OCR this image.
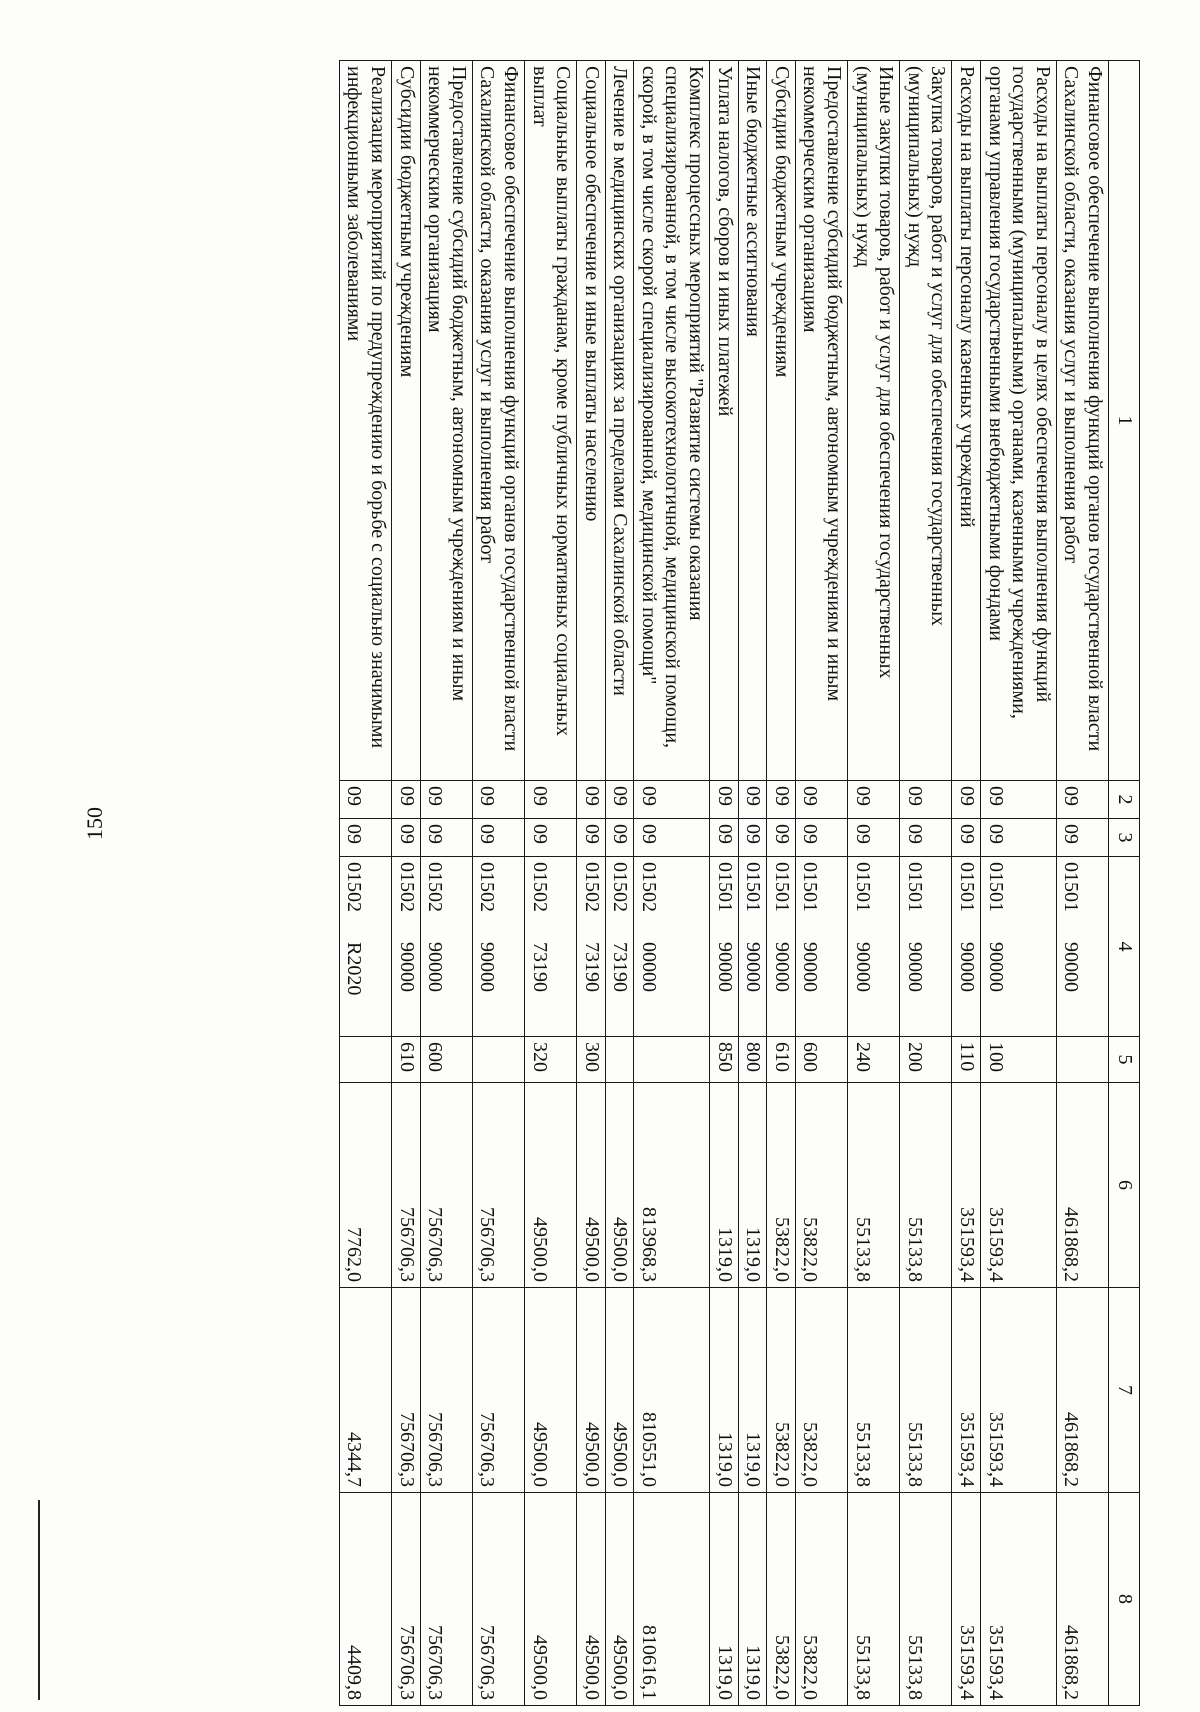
150
1	2	3	4	5	6	7	8
Финансовое обеспечение выполнения функций органов государственной власти Сахалинской области, оказания услуг и выполнения работ	09	09	0150190000		461868,2	461868,2	461868,2
Расходы на выплаты персоналу в целях обеспечения выполнения функций государственными (муниципальными) органами, казенными учреждениями, органами управления государственными внебюджетными фондами	09	09	0150190000	100	351593,4	351593,4	351593,4
Расходы на выплаты персоналу казенных учреждений	09	09	0150190000	110	351593,4	351593,4	351593,4
Закупка товаров, работ и услуг для обеспечения государственных (муниципальных) нужд	09	09	0150190000	200	55133,8	55133,8	55133,8
Иные закупки товаров, работ и услуг для обеспечения государственных (муниципальных) нужд	09	09	0150190000	240	55133,8	55133,8	55133,8
Предоставление субсидий бюджетным, автономным учреждениям и иным некоммерческим организациям	09	09	0150190000	600	53822,0	53822,0	53822,0
Субсидии бюджетным учреждениям	09	09	0150190000	610	53822,0	53822,0	53822,0
Иные бюджетные ассигнования	09	09	0150190000	800	1319,0	1319,0	1319,0
Уплата налогов, сборов и иных платежей	09	09	0150190000	850	1319,0	1319,0	1319,0
Комплекс процессных мероприятий "Развитие системы оказания специализированной, в том числе высокотехнологичной, медицинской помощи, скорой, в том числе скорой специализированной, медицинской помощи"	09	09	0150200000		813968,3	810551,0	810616,1
Лечение в медицинских организациях за пределами Сахалинской области	09	09	0150273190		49500,0	49500,0	49500,0
Социальное обеспечение и иные выплаты населению	09	09	0150273190	300	49500,0	49500,0	49500,0
Социальные выплаты гражданам, кроме публичных нормативных социальных выплат	09	09	0150273190	320	49500,0	49500,0	49500,0
Финансовое обеспечение выполнения функций органов государственной власти Сахалинской области, оказания услуг и выполнения работ	09	09	0150290000		756706,3	756706,3	756706,3
Предоставление субсидий бюджетным, автономным учреждениям и иным некоммерческим организациям	09	09	0150290000	600	756706,3	756706,3	756706,3
Субсидии бюджетным учреждениям	09	09	0150290000	610	756706,3	756706,3	756706,3
Реализация мероприятий по предупреждению и борьбе с социально значимыми инфекционными заболеваниями	09	09	01502R2020		7762,0	4344,7	4409,8
